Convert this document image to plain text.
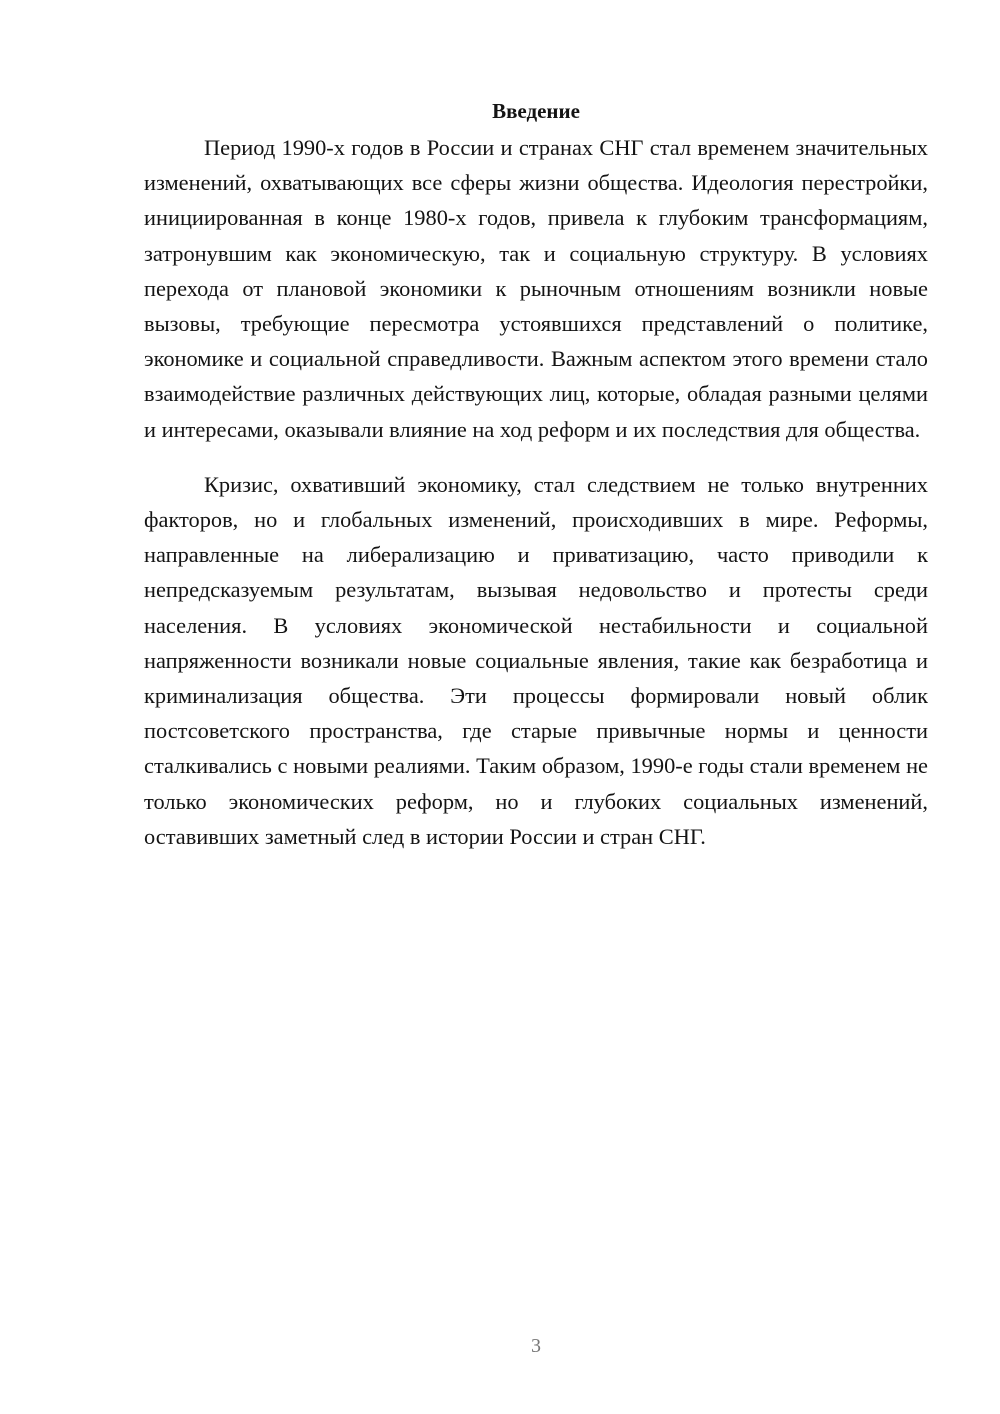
Введение

Период 1990-х годов в России и странах СНГ стал временем значительных изменений, охватывающих все сферы жизни общества. Идеология перестройки, инициированная в конце 1980-х годов, привела к глубоким трансформациям, затронувшим как экономическую, так и социальную структуру. В условиях перехода от плановой экономики к рыночным отношениям возникли новые вызовы, требующие пересмотра устоявшихся представлений о политике, экономике и социальной справедливости. Важным аспектом этого времени стало взаимодействие различных действующих лиц, которые, обладая разными целями и интересами, оказывали влияние на ход реформ и их последствия для общества.

Кризис, охвативший экономику, стал следствием не только внутренних факторов, но и глобальных изменений, происходивших в мире. Реформы, направленные на либерализацию и приватизацию, часто приводили к непредсказуемым результатам, вызывая недовольство и протесты среди населения. В условиях экономической нестабильности и социальной напряженности возникали новые социальные явления, такие как безработица и криминализация общества. Эти процессы формировали новый облик постсоветского пространства, где старые привычные нормы и ценности сталкивались с новыми реалиями. Таким образом, 1990-е годы стали временем не только экономических реформ, но и глубоких социальных изменений, оставивших заметный след в истории России и стран СНГ.

3
